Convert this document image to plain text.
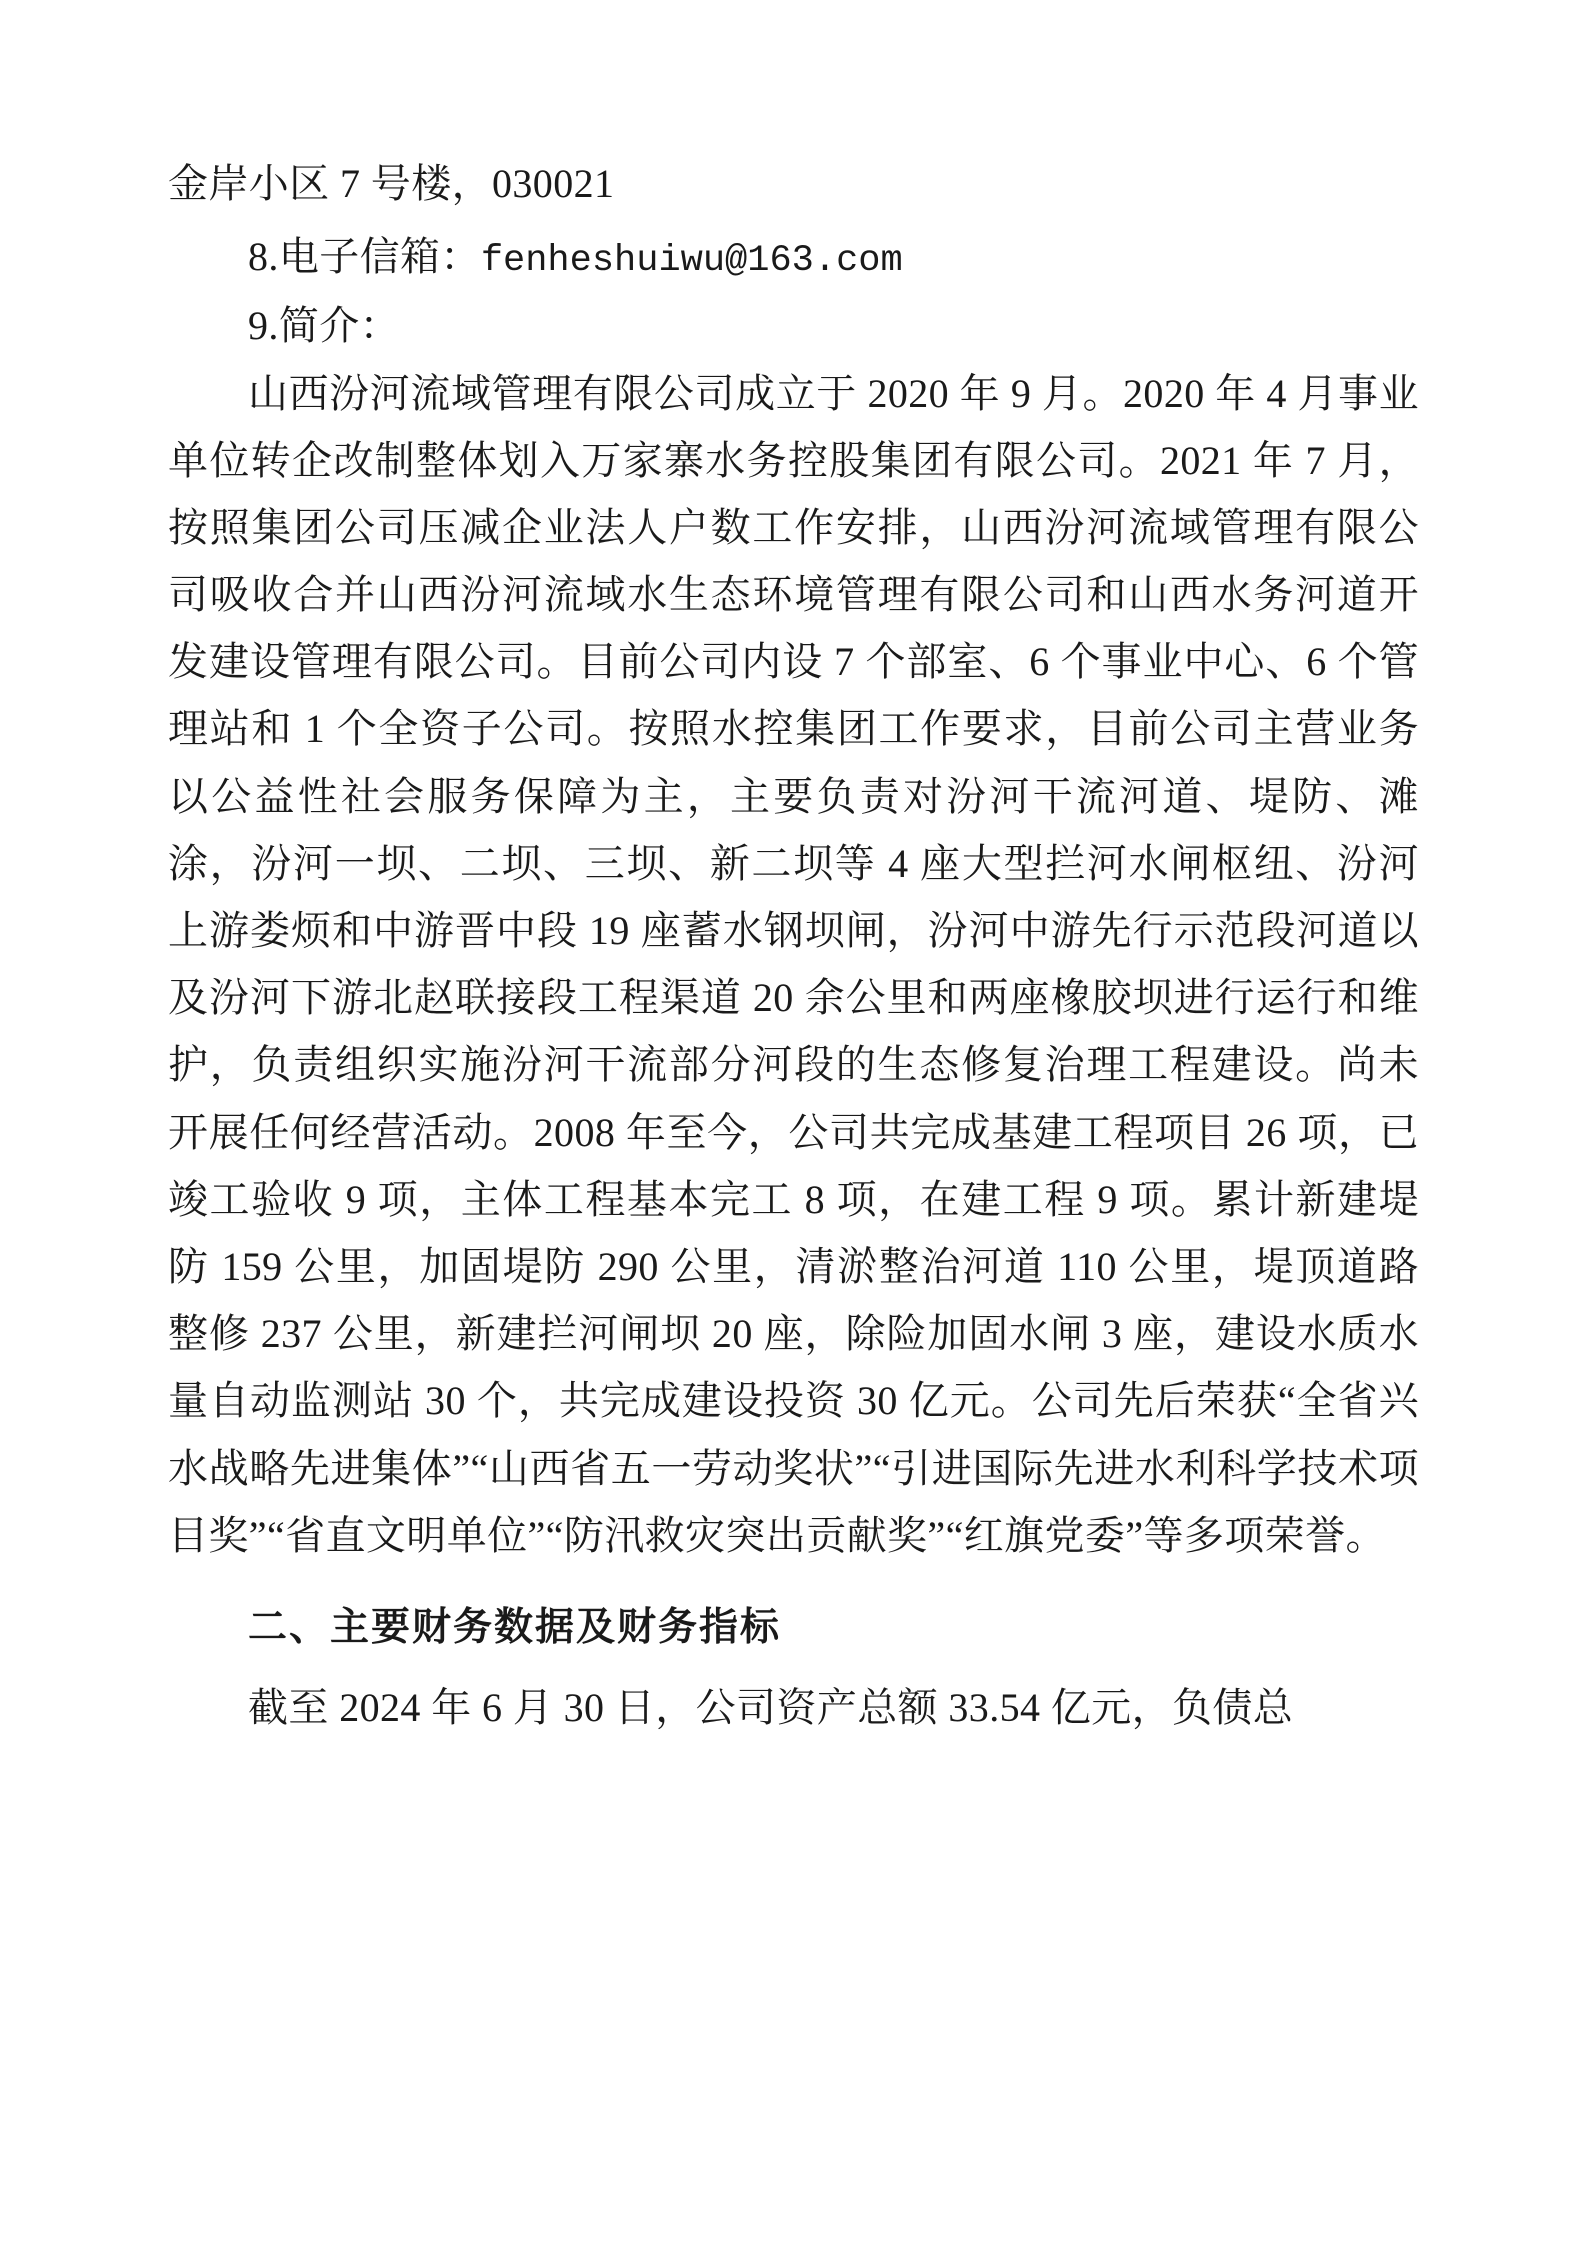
金岸小区 7 号楼，030021

8.电子信箱：fenheshuiwu@163.com

9.简介：

山西汾河流域管理有限公司成立于 2020 年 9 月。2020 年 4 月事业单位转企改制整体划入万家寨水务控股集团有限公司。2021 年 7 月，按照集团公司压减企业法人户数工作安排，山西汾河流域管理有限公司吸收合并山西汾河流域水生态环境管理有限公司和山西水务河道开发建设管理有限公司。目前公司内设 7 个部室、6 个事业中心、6 个管理站和 1 个全资子公司。按照水控集团工作要求，目前公司主营业务以公益性社会服务保障为主，主要负责对汾河干流河道、堤防、滩涂，汾河一坝、二坝、三坝、新二坝等 4 座大型拦河水闸枢纽、汾河上游娄烦和中游晋中段 19 座蓄水钢坝闸，汾河中游先行示范段河道以及汾河下游北赵联接段工程渠道 20 余公里和两座橡胶坝进行运行和维护，负责组织实施汾河干流部分河段的生态修复治理工程建设。尚未开展任何经营活动。2008 年至今，公司共完成基建工程项目 26 项，已竣工验收 9 项，主体工程基本完工 8 项，在建工程 9 项。累计新建堤防 159 公里，加固堤防 290 公里，清淤整治河道 110 公里，堤顶道路整修 237 公里，新建拦河闸坝 20 座，除险加固水闸 3 座，建设水质水量自动监测站 30 个，共完成建设投资 30 亿元。公司先后荣获“全省兴水战略先进集体”“山西省五一劳动奖状”“引进国际先进水利科学技术项目奖”“省直文明单位”“防汛救灾突出贡献奖”“红旗党委”等多项荣誉。

二、主要财务数据及财务指标

截至 2024 年 6 月 30 日，公司资产总额 33.54 亿元，负债总
